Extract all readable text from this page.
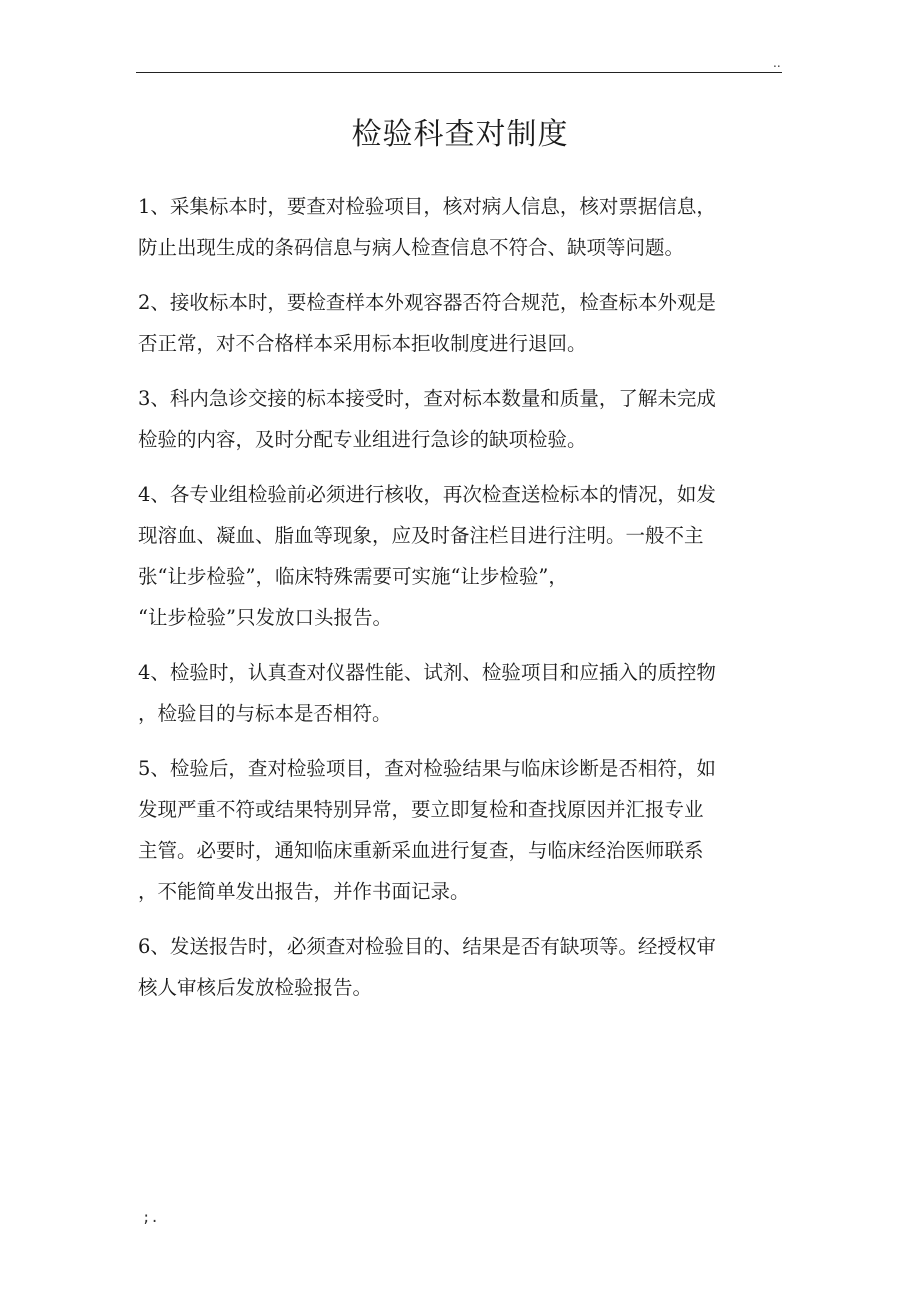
..
检验科查对制度

1、采集标本时，要查对检验项目，核对病人信息，核对票据信息，
防止出现生成的条码信息与病人检查信息不符合、缺项等问题。

2、接收标本时，要检查样本外观容器否符合规范，检查标本外观是
否正常，对不合格样本采用标本拒收制度进行退回。

3、科内急诊交接的标本接受时，查对标本数量和质量，了解未完成
检验的内容，及时分配专业组进行急诊的缺项检验。

4、各专业组检验前必须进行核收，再次检查送检标本的情况，如发
现溶血、凝血、脂血等现象，应及时备注栏目进行注明。一般不主
张“让步检验”，临床特殊需要可实施“让步检验”，
“让步检验”只发放口头报告。

4、检验时，认真查对仪器性能、试剂、检验项目和应插入的质控物
，检验目的与标本是否相符。

5、检验后，查对检验项目，查对检验结果与临床诊断是否相符，如
发现严重不符或结果特别异常，要立即复检和查找原因并汇报专业
主管。必要时，通知临床重新采血进行复查，与临床经治医师联系
，不能简单发出报告，并作书面记录。

6、发送报告时，必须查对检验目的、结果是否有缺项等。经授权审
核人审核后发放检验报告。

;.
